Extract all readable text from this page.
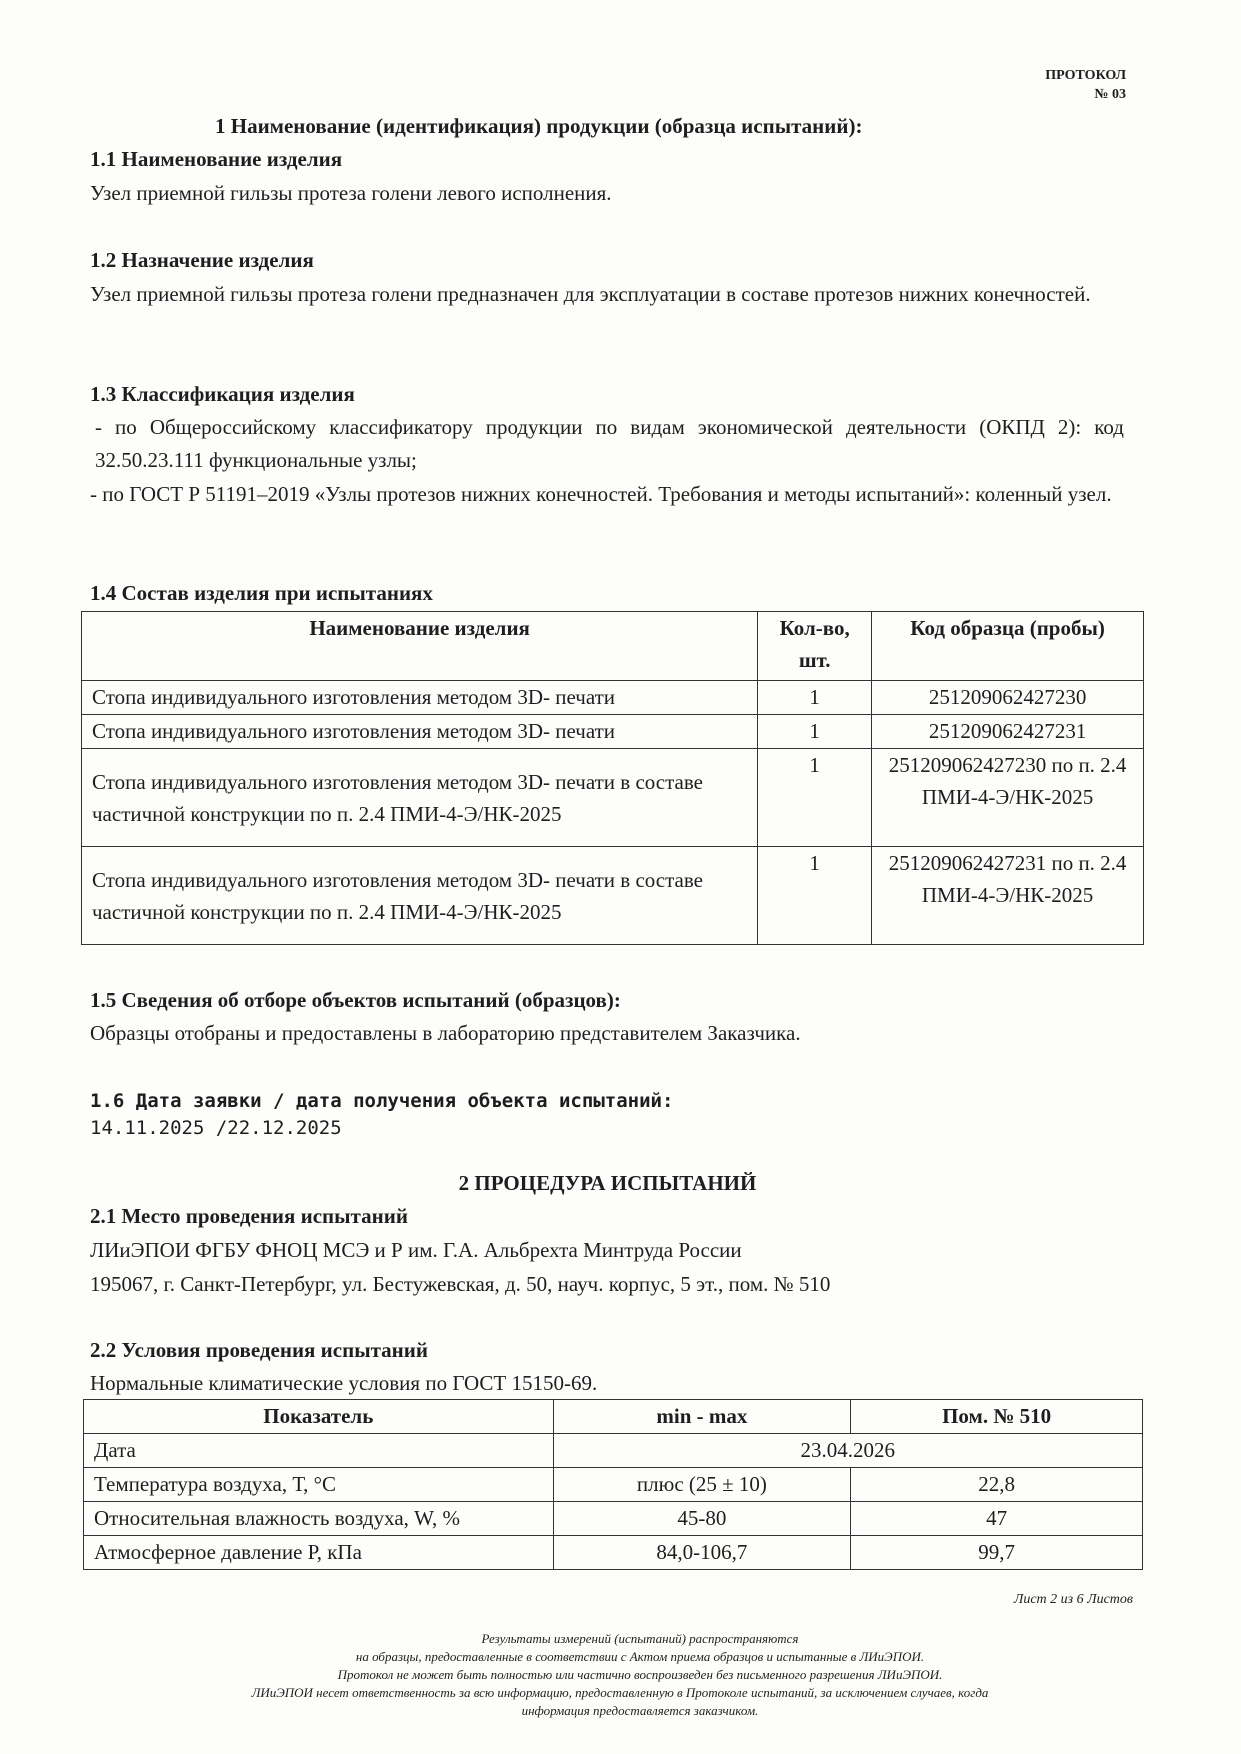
ПРОТОКОЛ
№ 03
1 Наименование (идентификация) продукции (образца испытаний):
1.1 Наименование изделия
Узел приемной гильзы протеза голени левого исполнения.
1.2 Назначение изделия
Узел приемной гильзы протеза голени предназначен для эксплуатации в составе протезов нижних конечностей.
1.3 Классификация изделия
- по Общероссийскому классификатору продукции по видам экономической деятельности (ОКПД 2): код 32.50.23.111 функциональные узлы;
- по ГОСТ Р 51191–2019 «Узлы протезов нижних конечностей. Требования и методы испытаний»: коленный узел.
1.4 Состав изделия при испытаниях
Наименование изделия	Кол-во, шт.	Код образца (пробы)
Стопа индивидуального изготовления методом 3D- печати	1	251209062427230
Стопа индивидуального изготовления методом 3D- печати	1	251209062427231
Стопа индивидуального изготовления методом 3D- печати в составе частичной конструкции по п. 2.4 ПМИ-4-Э/НК-2025	1	251209062427230 по п. 2.4 ПМИ-4-Э/НК-2025
Стопа индивидуального изготовления методом 3D- печати в составе частичной конструкции по п. 2.4 ПМИ-4-Э/НК-2025	1	251209062427231 по п. 2.4 ПМИ-4-Э/НК-2025
1.5 Сведения об отборе объектов испытаний (образцов):
Образцы отобраны и предоставлены в лабораторию представителем Заказчика.
1.6 Дата заявки / дата получения объекта испытаний:
14.11.2025 /22.12.2025
2 ПРОЦЕДУРА ИСПЫТАНИЙ
2.1 Место проведения испытаний
ЛИиЭПОИ ФГБУ ФНОЦ МСЭ и Р им. Г.А. Альбрехта Минтруда России
195067, г. Санкт-Петербург, ул. Бестужевская, д. 50, науч. корпус, 5 эт., пом. № 510
2.2 Условия проведения испытаний
Нормальные климатические условия по ГОСТ 15150-69.
Показатель	min - max	Пом. № 510
Дата	23.04.2026	
Температура воздуха, Т, °С	плюс (25 ± 10)	22,8
Относительная влажность воздуха, W, %	45-80	47
Атмосферное давление Р, кПа	84,0-106,7	99,7
Лист 2 из 6 Листов
Результаты измерений (испытаний) распространяются
на образцы, предоставленные в соответствии с Актом приема образцов и испытанные в ЛИиЭПОИ.
Протокол не может быть полностью или частично воспроизведен без письменного разрешения ЛИиЭПОИ.
ЛИиЭПОИ несет ответственность за всю информацию, предоставленную в Протоколе испытаний, за исключением случаев, когда
информация предоставляется заказчиком.
